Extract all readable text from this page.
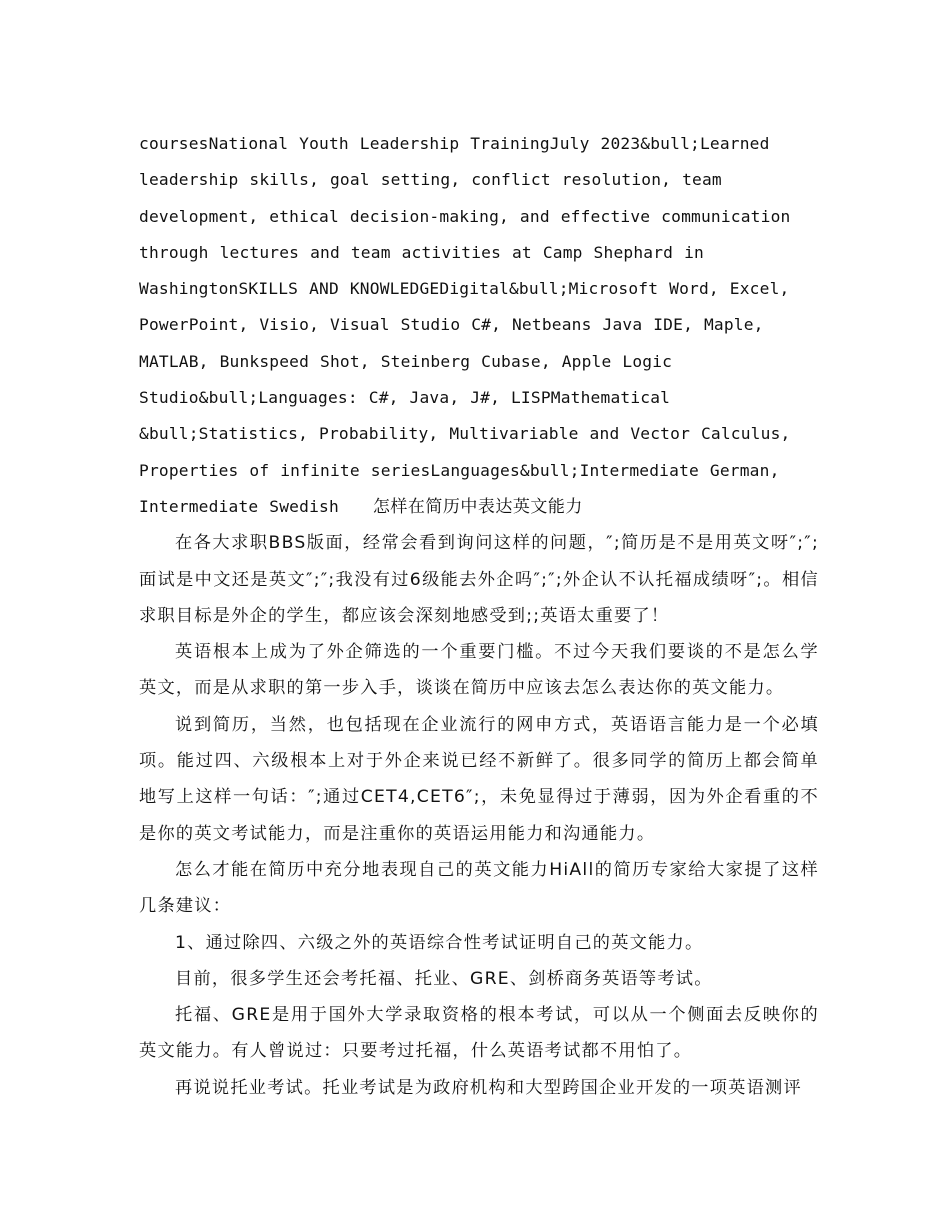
coursesNational Youth Leadership TrainingJuly 2023&bull;Learned leadership skills, goal setting, conflict resolution, team development, ethical decision-making, and effective communication through lectures and team activities at Camp Shephard in WashingtonSKILLS AND KNOWLEDGEDigital&bull;Microsoft Word, Excel, PowerPoint, Visio, Visual Studio C#, Netbeans Java IDE, Maple, MATLAB, Bunkspeed Shot, Steinberg Cubase, Apple Logic Studio&bull;Languages: C#, Java, J#, LISPMathematical &bull;Statistics, Probability, Multivariable and Vector Calculus, Properties of infinite seriesLanguages&bull;Intermediate German, Intermediate Swedish 怎样在简历中表达英文能力

在各大求职BBS版面，经常会看到询问这样的问题，″;简历是不是用英文呀″;″;面试是中文还是英文″;″;我没有过6级能去外企吗″;″;外企认不认托福成绩呀″;。相信求职目标是外企的学生，都应该会深刻地感受到;;英语太重要了！

英语根本上成为了外企筛选的一个重要门槛。不过今天我们要谈的不是怎么学英文，而是从求职的第一步入手，谈谈在简历中应该去怎么表达你的英文能力。

说到简历，当然，也包括现在企业流行的网申方式，英语语言能力是一个必填项。能过四、六级根本上对于外企来说已经不新鲜了。很多同学的简历上都会简单地写上这样一句话：″;通过CET4,CET6″;，未免显得过于薄弱，因为外企看重的不是你的英文考试能力，而是注重你的英语运用能力和沟通能力。

怎么才能在简历中充分地表现自己的英文能力HiAll的简历专家给大家提了这样几条建议：

1、通过除四、六级之外的英语综合性考试证明自己的英文能力。

目前，很多学生还会考托福、托业、GRE、剑桥商务英语等考试。

托福、GRE是用于国外大学录取资格的根本考试，可以从一个侧面去反映你的英文能力。有人曾说过：只要考过托福，什么英语考试都不用怕了。

再说说托业考试。托业考试是为政府机构和大型跨国企业开发的一项英语测评
